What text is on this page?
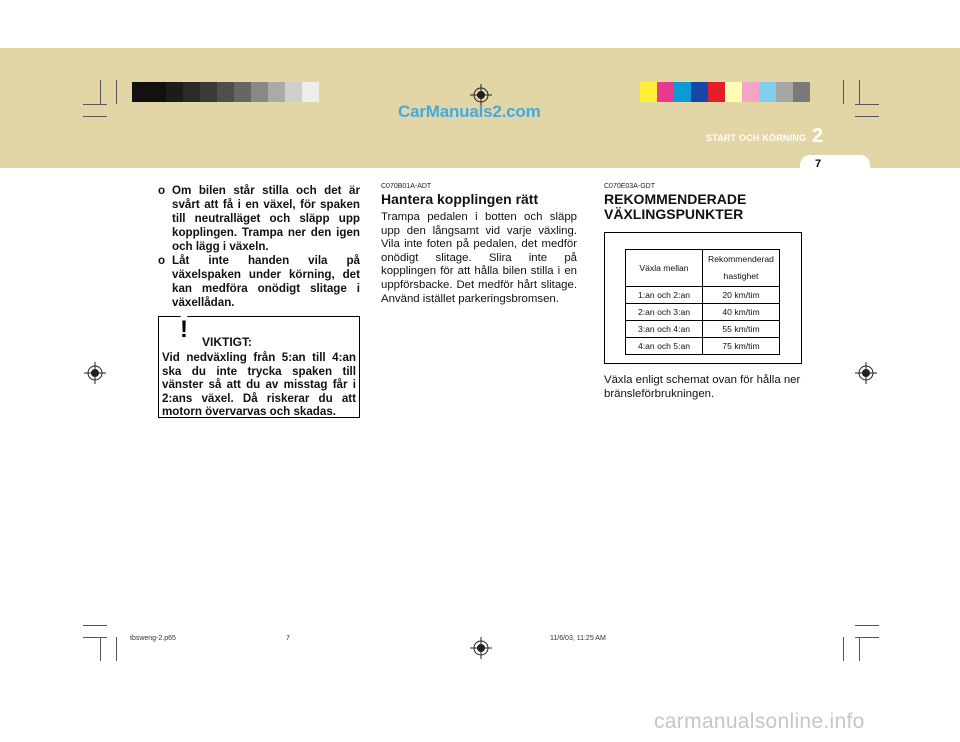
CarManuals2.com
START OCH KÖRNING 2
7
o Om bilen står stilla och det är svårt att få i en växel, för spaken till neutralläget och släpp upp kopplingen. Trampa ner den igen och lägg i växeln.
o Låt inte handen vila på växelspaken under körning, det kan medföra onödigt slitage i växellådan.
! VIKTIGT:
Vid nedväxling från 5:an till 4:an ska du inte trycka spaken till vänster så att du av misstag får i 2:ans växel. Då riskerar du att motorn övervarvas och skadas.
C070B01A-ADT
Hantera kopplingen rätt
Trampa pedalen i botten och släpp upp den långsamt vid varje växling. Vila inte foten på pedalen, det medför onödigt slitage. Slira inte på kopplingen för att hålla bilen stilla i en uppförsbacke. Det medför hårt slitage. Använd istället parkeringsbromsen.
C070E03A-GDT
REKOMMENDERADE VÄXLINGSPUNKTER
Växla mellan	Rekommenderad hastighet
1:an och 2:an	20 km/tim
2:an och 3:an	40 km/tim
3:an och 4:an	55 km/tim
4:an och 5:an	75 km/tim
Växla enligt schemat ovan för hålla ner bränsleförbrukningen.
tbsweng-2.p65	7	11/6/03, 11:25 AM
carmanualsonline.info
